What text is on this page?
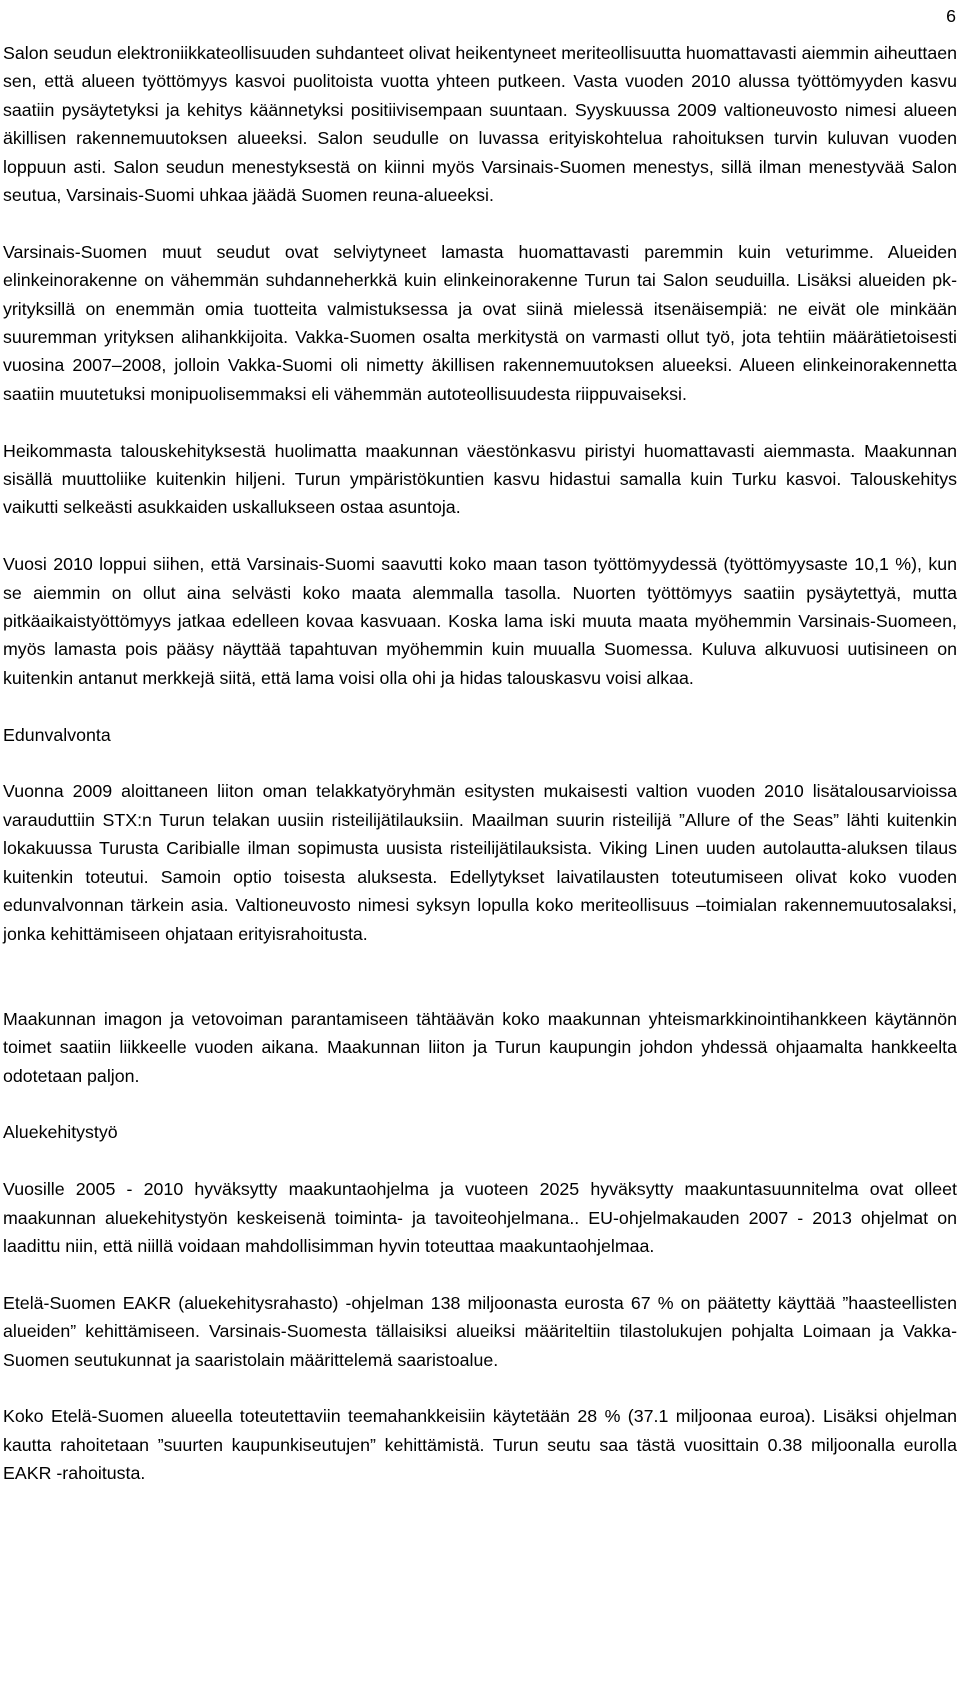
6

Salon seudun elektroniikkateollisuuden suhdanteet olivat heikentyneet meriteollisuutta huomattavasti aiemmin aiheuttaen sen, että alueen työttömyys kasvoi puolitoista vuotta yhteen putkeen. Vasta vuoden 2010 alussa työttömyyden kasvu saatiin pysäytetyksi ja kehitys käännetyksi positiivisempaan suuntaan. Syyskuussa 2009 valtioneuvosto nimesi alueen äkillisen rakennemuutoksen alueeksi. Salon seudulle on luvassa erityiskohtelua rahoituksen turvin kuluvan vuoden loppuun asti. Salon seudun menestyksestä on kiinni myös Varsinais-Suomen menestys, sillä ilman menestyvää Salon seutua, Varsinais-Suomi uhkaa jäädä Suomen reuna-alueeksi.

Varsinais-Suomen muut seudut ovat selviytyneet lamasta huomattavasti paremmin kuin veturimme. Alueiden elinkeinorakenne on vähemmän suhdanneherkkä kuin elinkeinorakenne Turun tai Salon seuduilla. Lisäksi alueiden pk-yrityksillä on enemmän omia tuotteita valmistuksessa ja ovat siinä mielessä itsenäisempiä: ne eivät ole minkään suuremman yrityksen alihankkijoita. Vakka-Suomen osalta merkitystä on varmasti ollut työ, jota tehtiin määrätietoisesti vuosina 2007–2008, jolloin Vakka-Suomi oli nimetty äkillisen rakennemuutoksen alueeksi. Alueen elinkeinorakennetta saatiin muutetuksi monipuolisemmaksi eli vähemmän autoteollisuudesta riippuvaiseksi.

Heikommasta talouskehityksestä huolimatta maakunnan väestönkasvu piristyi huomattavasti aiemmasta. Maakunnan sisällä muuttoliike kuitenkin hiljeni. Turun ympäristökuntien kasvu hidastui samalla kuin Turku kasvoi. Talouskehitys vaikutti selkeästi asukkaiden uskallukseen ostaa asuntoja.

Vuosi 2010 loppui siihen, että Varsinais-Suomi saavutti koko maan tason työttömyydessä (työttömyysaste 10,1 %), kun se aiemmin on ollut aina selvästi koko maata alemmalla tasolla. Nuorten työttömyys saatiin pysäytettyä, mutta pitkäaikaistyöttömyys jatkaa edelleen kovaa kasvuaan. Koska lama iski muuta maata myöhemmin Varsinais-Suomeen, myös lamasta pois pääsy näyttää tapahtuvan myöhemmin kuin muualla Suomessa. Kuluva alkuvuosi uutisineen on kuitenkin antanut merkkejä siitä, että lama voisi olla ohi ja hidas talouskasvu voisi alkaa.

Edunvalvonta

Vuonna 2009 aloittaneen liiton oman telakkatyöryhmän esitysten mukaisesti valtion vuoden 2010 lisätalousarvioissa varauduttiin STX:n Turun telakan uusiin risteilijätilauksiin. Maailman suurin risteilijä ”Allure of the Seas” lähti kuitenkin lokakuussa Turusta Caribialle ilman sopimusta uusista risteilijätilauksista. Viking Linen uuden autolautta-aluksen tilaus kuitenkin toteutui. Samoin optio toisesta aluksesta. Edellytykset laivatilausten toteutumiseen olivat koko vuoden edunvalvonnan tärkein asia. Valtioneuvosto nimesi syksyn lopulla koko meriteollisuus –toimialan rakennemuutosalaksi, jonka kehittämiseen ohjataan erityisrahoitusta.

Maakunnan imagon ja vetovoiman parantamiseen tähtäävän koko maakunnan yhteismarkkinointihankkeen käytännön toimet saatiin liikkeelle vuoden aikana. Maakunnan liiton ja Turun kaupungin johdon yhdessä ohjaamalta hankkeelta odotetaan paljon.

Aluekehitystyö

Vuosille 2005 - 2010 hyväksytty maakuntaohjelma ja vuoteen 2025 hyväksytty maakuntasuunnitelma ovat olleet maakunnan aluekehitystyön keskeisenä toiminta- ja tavoiteohjelmana.. EU-ohjelmakauden 2007 - 2013 ohjelmat on laadittu niin, että niillä voidaan mahdollisimman hyvin toteuttaa maakuntaohjelmaa.

Etelä-Suomen EAKR (aluekehitysrahasto) -ohjelman 138 miljoonasta eurosta 67 % on päätetty käyttää ”haasteellisten alueiden” kehittämiseen. Varsinais-Suomesta tällaisiksi alueiksi määriteltiin tilastolukujen pohjalta Loimaan ja Vakka-Suomen seutukunnat ja saaristolain määrittelemä saaristoalue.

Koko Etelä-Suomen alueella toteutettaviin teemahankkeisiin käytetään 28 % (37.1 miljoonaa euroa). Lisäksi ohjelman kautta rahoitetaan ”suurten kaupunkiseutujen” kehittämistä. Turun seutu saa tästä vuosittain 0.38 miljoonalla eurolla EAKR -rahoitusta.
